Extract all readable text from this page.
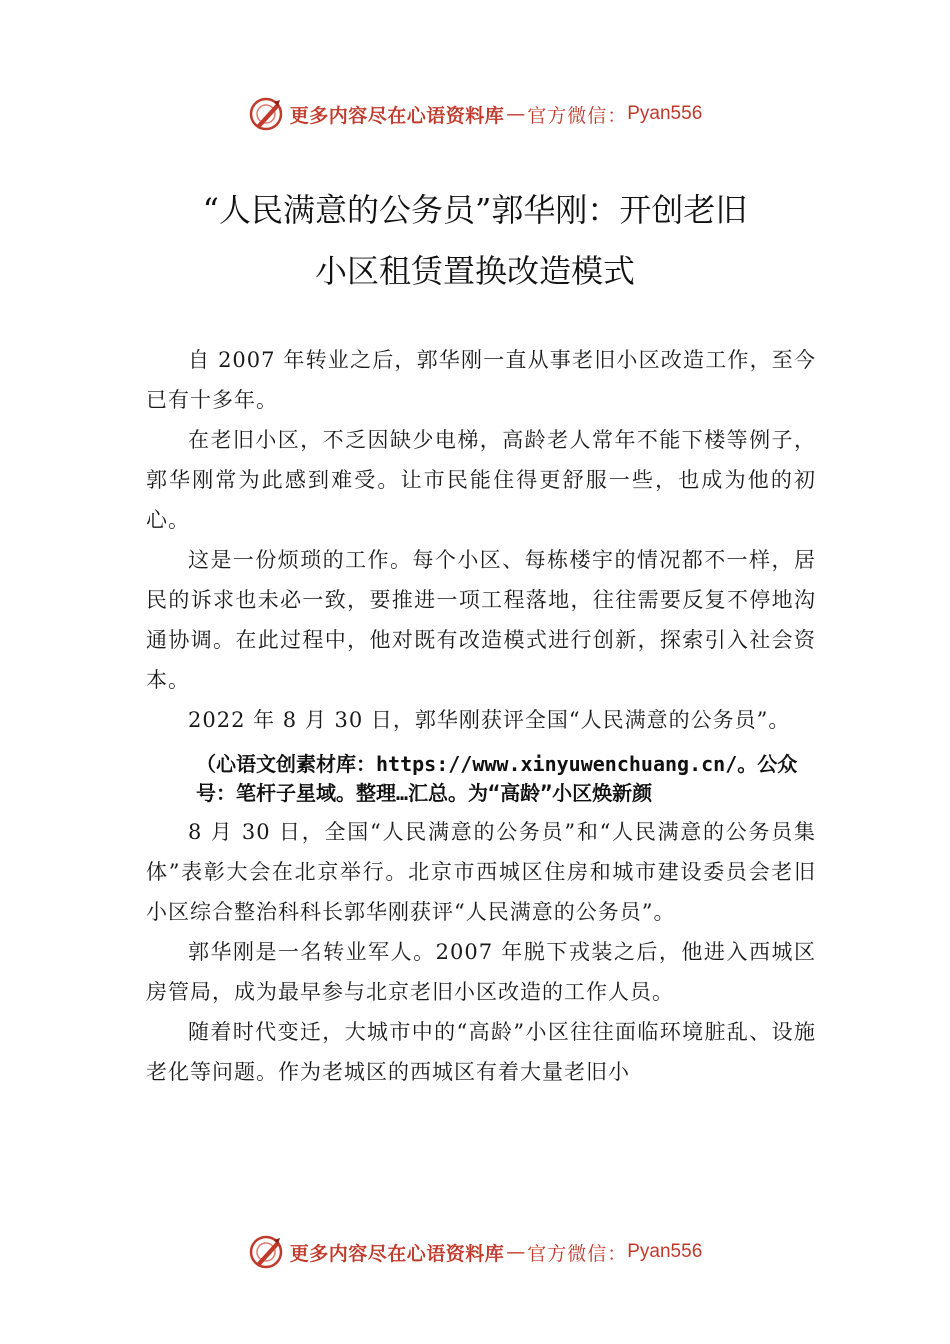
更多内容尽在心语资料库 — 官方微信： Pyan556
“人民满意的公务员”郭华刚：开创老旧
小区租赁置换改造模式

自 2007 年转业之后，郭华刚一直从事老旧小区改造工作，至今已有十多年。

在老旧小区，不乏因缺少电梯，高龄老人常年不能下楼等例子，郭华刚常为此感到难受。让市民能住得更舒服一些，也成为他的初心。

这是一份烦琐的工作。每个小区、每栋楼宇的情况都不一样，居民的诉求也未必一致，要推进一项工程落地，往往需要反复不停地沟通协调。在此过程中，他对既有改造模式进行创新，探索引入社会资本。

2022 年 8 月 30 日，郭华刚获评全国“人民满意的公务员”。

（心语文创素材库：https://www.xinyuwenchuang.cn/。公众号：笔杆子星域。整理…汇总。为“高龄”小区焕新颜

8 月 30 日，全国“人民满意的公务员”和“人民满意的公务员集体”表彰大会在北京举行。北京市西城区住房和城市建设委员会老旧小区综合整治科科长郭华刚获评“人民满意的公务员”。

郭华刚是一名转业军人。2007 年脱下戎装之后，他进入西城区房管局，成为最早参与北京老旧小区改造的工作人员。

随着时代变迁，大城市中的“高龄”小区往往面临环境脏乱、设施老化等问题。作为老城区的西城区有着大量老旧小

更多内容尽在心语资料库 — 官方微信： Pyan556
